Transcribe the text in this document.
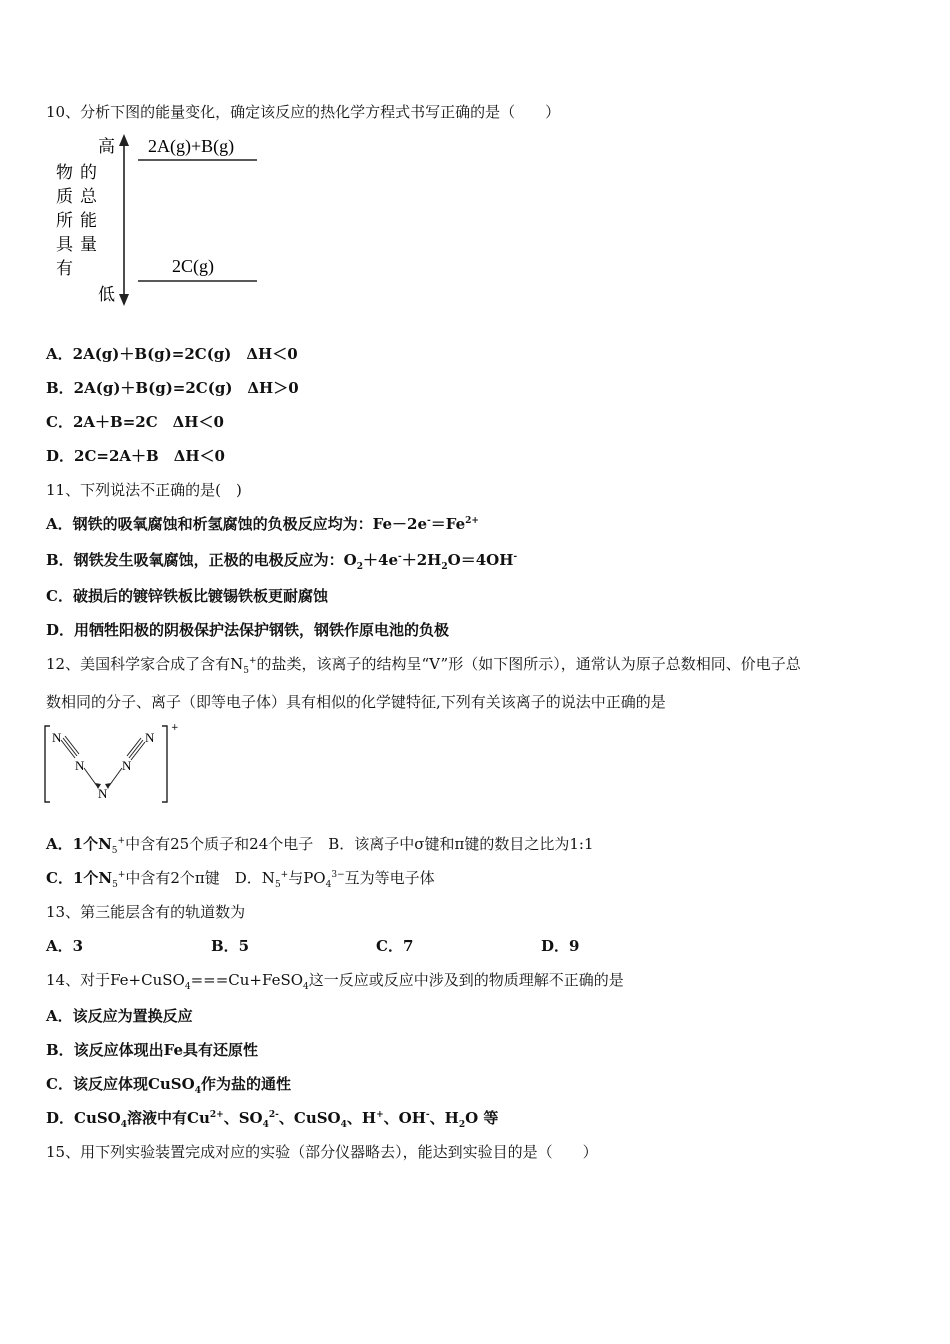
10、分析下图的能量变化，确定该反应的热化学方程式书写正确的是（　　）
高
低
物
质
所
具
有
的
总
能
量
2A(g)+B(g)
2C(g)
A．2A(g)＋B(g)=2C(g)　ΔH＜0
B．2A(g)＋B(g)=2C(g)　ΔH＞0
C．2A＋B=2C　ΔH＜0
D．2C=2A＋B　ΔH＜0
11、下列说法不正确的是(　)
A．钢铁的吸氧腐蚀和析氢腐蚀的负极反应均为：$Fe-2e^-=Fe^{2+}$
B．钢铁发生吸氧腐蚀，正极的电极反应为：$O_2+4e^-+2H_2O=4OH^-$
C．破损后的镀锌铁板比镀锡铁板更耐腐蚀
D．用牺牲阳极的阴极保护法保护钢铁，钢铁作原电池的负极
12、美国科学家合成了含有$N_5^+$的盐类，该离子的结构呈“V”形（如下图所示），通常认为原子总数相同、价电子总
数相同的分子、离子（即等电子体）具有相似的化学键特征,下列有关该离子的说法中正确的是
+
N
N
N
N
N
A．1个$N_5^+$中含有25个质子和24个电子　B．该离子中σ键和π键的数目之比为1:1
C．1个$N_5^+$中含有2个π键　D．$N_5^+$与$PO_4^{3-}$互为等电子体
13、第三能层含有的轨道数为
A．3	B．5	C．7	D．9
14、对于Fe+CuSO$_4$===Cu+FeSO$_4$这一反应或反应中涉及到的物质理解不正确的是
A．该反应为置换反应
B．该反应体现出Fe具有还原性
C．该反应体现CuSO$_4$作为盐的通性
D．CuSO$_4$溶液中有$Cu^{2+}$、$SO_4^{2-}$、CuSO$_4$、H+、OH-、$H_2O$ 等
15、用下列实验装置完成对应的实验（部分仪器略去），能达到实验目的是（　　）
